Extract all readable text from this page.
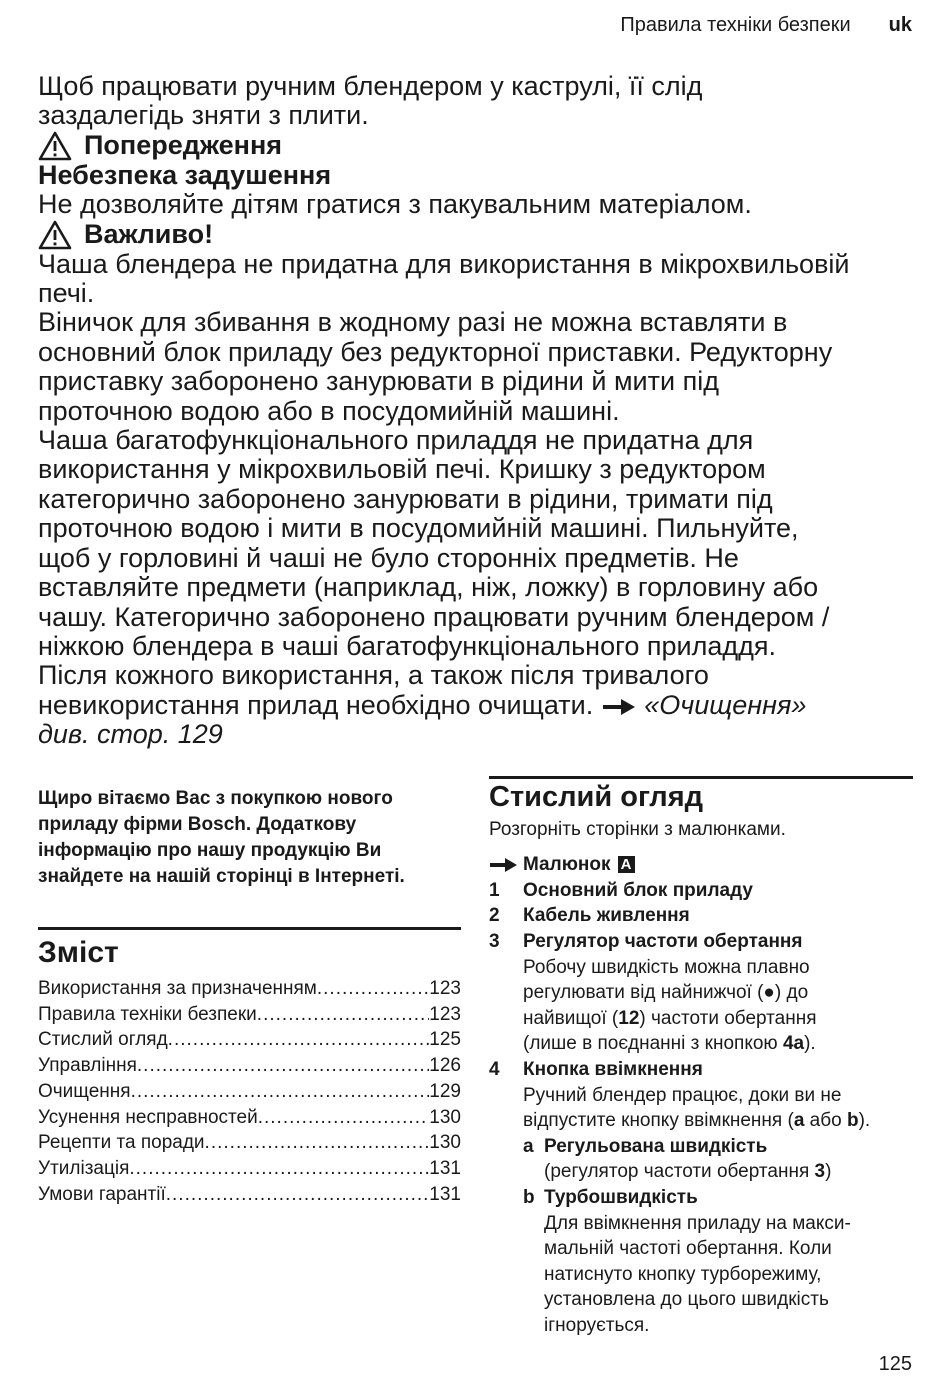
Правила техніки безпеки uk

Щоб працювати ручним блендером у каструлі, її слід

заздалегідь зняти з плити.

Попередження

Небезпека задушення

Не дозволяйте дітям гратися з пакувальним матеріалом.

Важливо!

Чаша блендера не придатна для використання в мікрохвильовій

печі.

Віничок для збивання в жодному разі не можна вставляти в

основний блок приладу без редукторної приставки. Редукторну

приставку заборонено занурювати в рідини й мити під

проточною водою або в посудомийній машині.

Чаша багатофункціонального приладдя не придатна для

використання у мікрохвильовій печі. Кришку з редуктором

категорично заборонено занурювати в рідини, тримати під

проточною водою і мити в посудомийній машині. Пильнуйте,

щоб у горловині й чаші не було сторонніх предметів. Не

вставляйте предмети (наприклад, ніж, ложку) в горловину або

чашу. Категорично заборонено працювати ручним блендером /

ніжкою блендера в чаші багатофункціонального приладдя.

Після кожного використання, а також після тривалого

невикористання прилад необхідно очищати. «Очищення»

див. стор. 129

Щиро вітаємо Вас з покупкою нового

приладу фірми Bosch. Додаткову

інформацію про нашу продукцію Ви

знайдете на нашій сторінці в Інтернеті.

Зміст

Використання за призначенням .....	123
Правила техніки безпеки .....	123
Стислий огляд .....	125
Управління .....	126
Очищення .....	129
Усунення несправностей .....	130
Рецепти та поради .....	130
Утилізація .....	131
Умови гарантії .....	131

Стислий огляд

Розгорніть сторінки з малюнками.

Малюнок A
1	Основний блок приладу
2	Кабель живлення
3	Регулятор частоти обертання
Робочу швидкість можна плавно
регулювати від найнижчої (●) до
найвищої (12) частоти обертання
(лише в поєднанні з кнопкою 4a).
4	Кнопка ввімкнення
Ручний блендер працює, доки ви не
відпустите кнопку ввімкнення (a або b).
a Регульована швидкість
(регулятор частоти обертання 3)
b Турбошвидкість
Для ввімкнення приладу на макси-
мальній частоті обертання. Коли
натиснуто кнопку турборежиму,
установлена до цього швидкість
ігнорується.
125
